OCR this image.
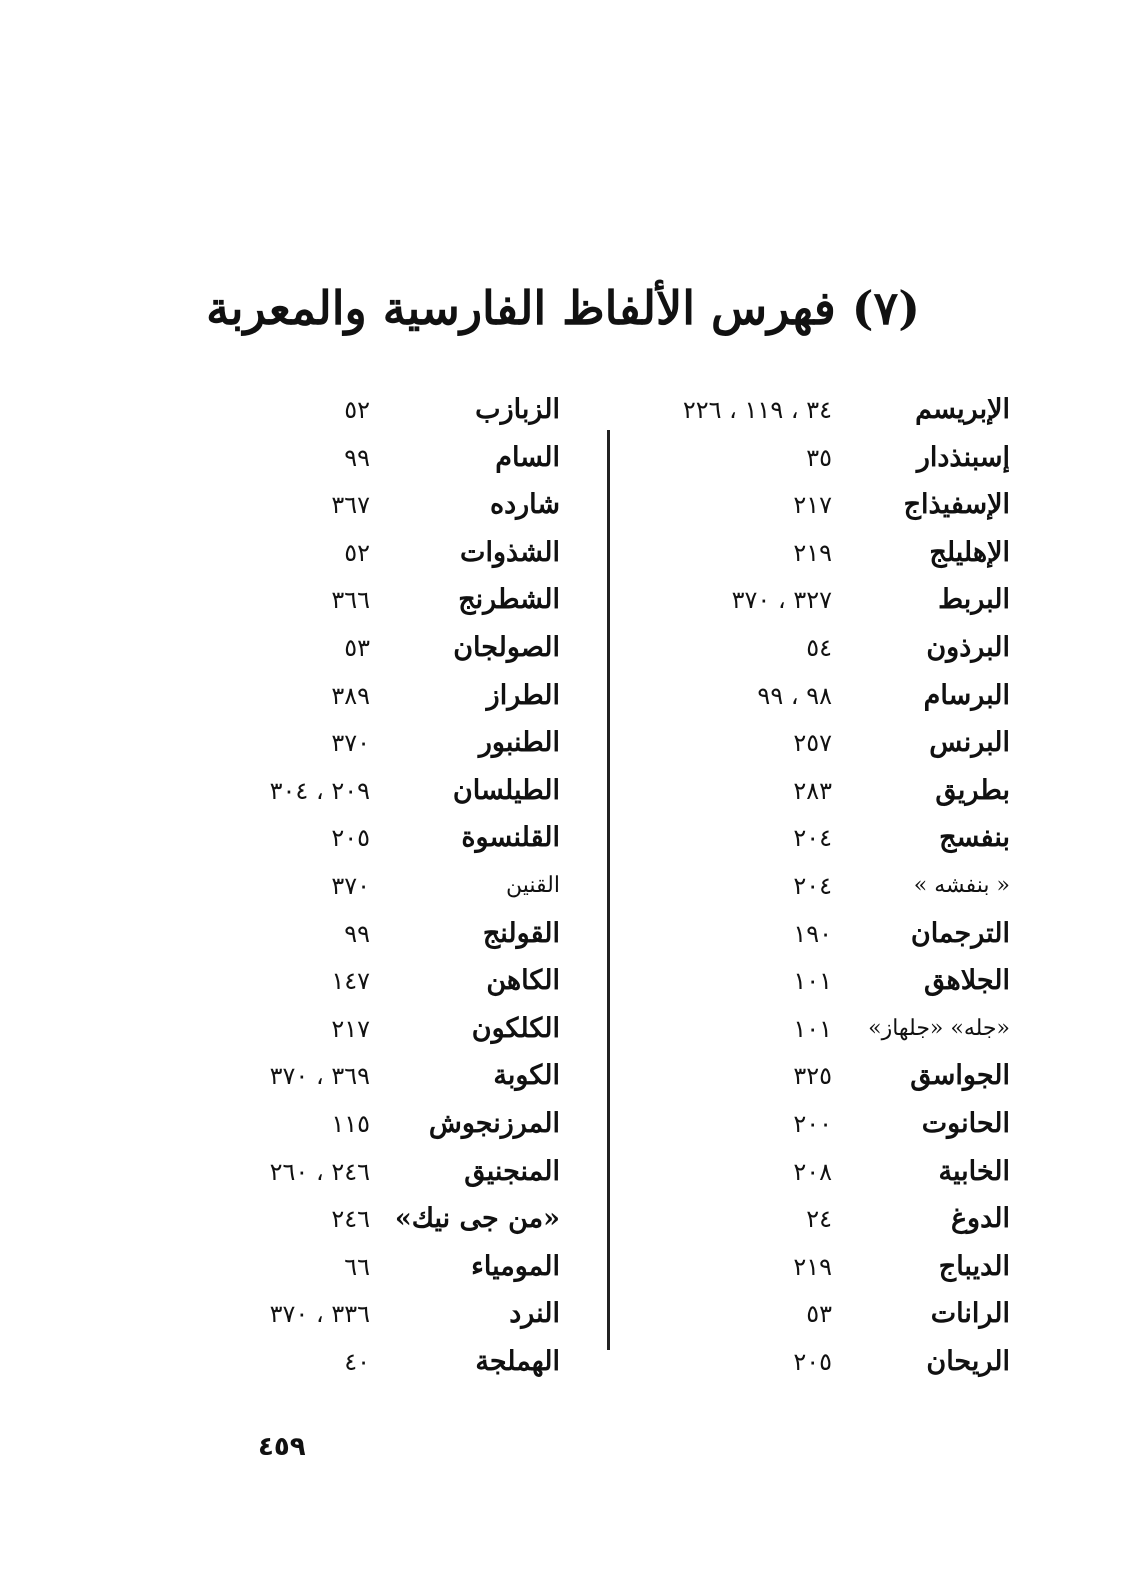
(٧) فهرس الألفاظ الفارسية والمعربة
الإبريسم
٣٤ ، ١١٩ ، ٢٢٦
إسبنذدار
٣٥
الإسفيذاج
٢١٧
الإهليلج
٢١٩
البربط
٣٢٧ ، ٣٧٠
البرذون
٥٤
البرسام
٩٨ ، ٩٩
البرنس
٢٥٧
بطريق
٢٨٣
بنفسج
٢٠٤
« بنفشه »
٢٠٤
الترجمان
١٩٠
الجلاهق
١٠١
«جله» «جلهاز»
١٠١
الجواسق
٣٢٥
الحانوت
٢٠٠
الخابية
٢٠٨
الدوغ
٢٤
الديباج
٢١٩
الرانات
٥٣
الريحان
٢٠٥
الزبازب
٥٢
السام
٩٩
شارده
٣٦٧
الشذوات
٥٢
الشطرنج
٣٦٦
الصولجان
٥٣
الطراز
٣٨٩
الطنبور
٣٧٠
الطيلسان
٢٠٩ ، ٣٠٤
القلنسوة
٢٠٥
القنين
٣٧٠
القولنج
٩٩
الكاهن
١٤٧
الكلكون
٢١٧
الكوبة
٣٦٩ ، ٣٧٠
المرزنجوش
١١٥
المنجنيق
٢٤٦ ، ٢٦٠
«من جى نيك»
٢٤٦
المومياء
٦٦
النرد
٣٣٦ ، ٣٧٠
الهملجة
٤٠
٤٥٩
